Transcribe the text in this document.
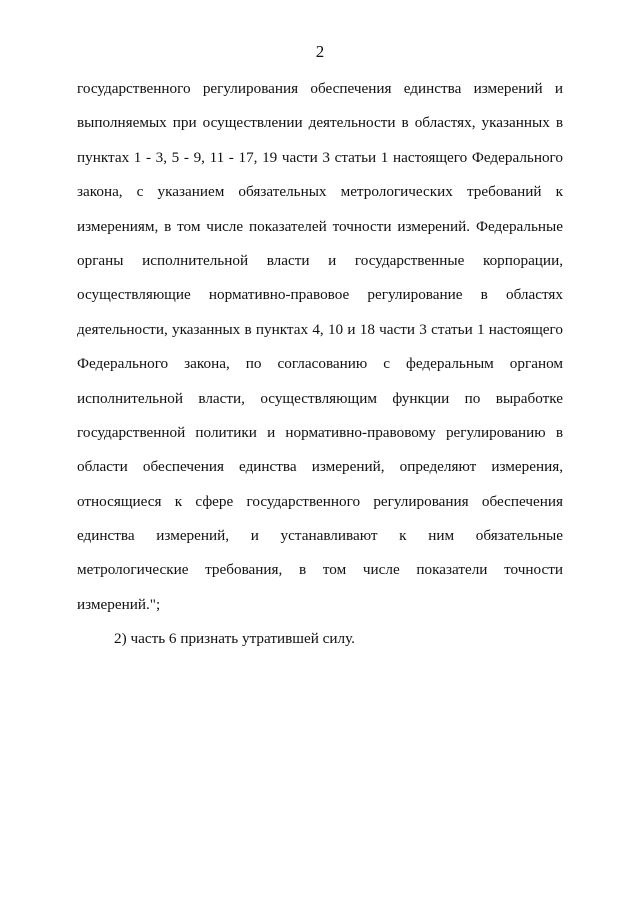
2
государственного регулирования обеспечения единства измерений и
выполняемых при осуществлении деятельности в областях, указанных в
пунктах 1 - 3, 5 - 9, 11 - 17, 19 части 3 статьи 1 настоящего Федерального
закона, с указанием обязательных метрологических требований к
измерениям, в том числе показателей точности измерений. Федеральные
органы исполнительной власти и государственные корпорации,
осуществляющие нормативно-правовое регулирование в областях
деятельности, указанных в пунктах 4, 10 и 18 части 3 статьи 1 настоящего
Федерального закона, по согласованию с федеральным органом
исполнительной власти, осуществляющим функции по выработке
государственной политики и нормативно-правовому регулированию в
области обеспечения единства измерений, определяют измерения,
относящиеся к сфере государственного регулирования обеспечения
единства измерений, и устанавливают к ним обязательные
метрологические требования, в том числе показатели точности
измерений.";
2) часть 6 признать утратившей силу.
